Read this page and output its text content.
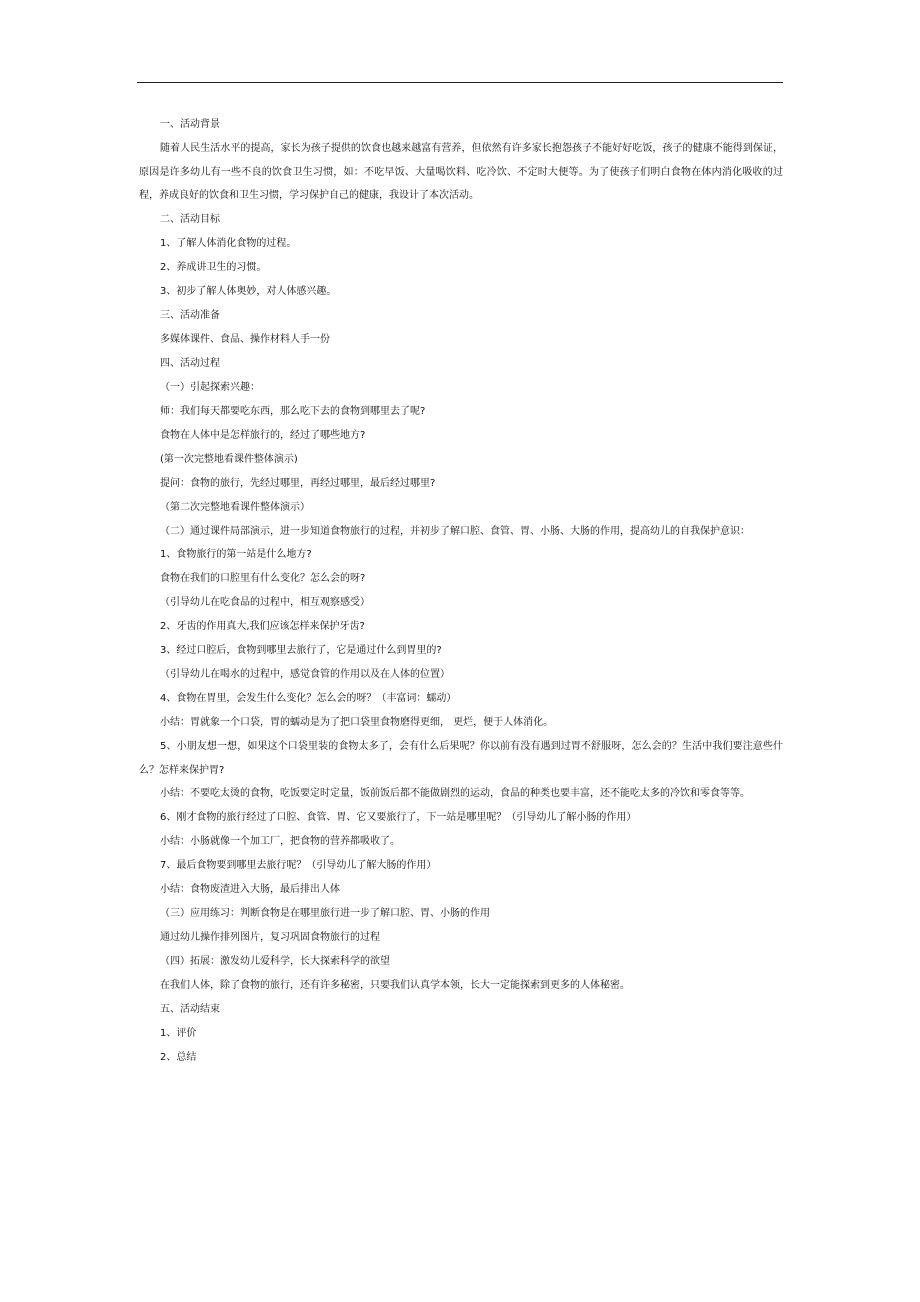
一、活动背景

随着人民生活水平的提高，家长为孩子提供的饮食也越来越富有营养，但依然有许多家长抱怨孩子不能好好吃饭，孩子的健康不能得到保证，原因是许多幼儿有一些不良的饮食卫生习惯，如：不吃早饭、大量喝饮料、吃冷饮、不定时大便等。为了使孩子们明白食物在体内消化吸收的过程，养成良好的饮食和卫生习惯，学习保护自己的健康，我设计了本次活动。

二、活动目标

1、了解人体消化食物的过程。

2、养成讲卫生的习惯。

3、初步了解人体奥妙，对人体感兴趣。

三、活动准备

多媒体课件、食品、操作材料人手一份

四、活动过程

（一）引起探索兴趣：

师：我们每天都要吃东西，那么吃下去的食物到哪里去了呢?

食物在人体中是怎样旅行的，经过了哪些地方?

(第一次完整地看课件整体演示)

提问：食物的旅行，先经过哪里，再经过哪里，最后经过哪里?

（第二次完整地看课件整体演示）

（二）通过课件局部演示，进一步知道食物旅行的过程，并初步了解口腔、食管、胃、小肠、大肠的作用，提高幼儿的自我保护意识：

1、食物旅行的第一站是什么地方?

食物在我们的口腔里有什么变化？怎么会的呀?

（引导幼儿在吃食品的过程中，相互观察感受）

2、牙齿的作用真大,我们应该怎样来保护牙齿?

3、经过口腔后，食物到哪里去旅行了，它是通过什么到胃里的?

（引导幼儿在喝水的过程中，感觉食管的作用以及在人体的位置）

4、食物在胃里，会发生什么变化？怎么会的呀？（丰富词：蠕动）

小结：胃就象一个口袋，胃的蠕动是为了把口袋里食物磨得更细， 更烂，便于人体消化。

5、小朋友想一想，如果这个口袋里装的食物太多了，会有什么后果呢？你以前有没有遇到过胃不舒服呀，怎么会的？生活中我们要注意些什么？怎样来保护胃?

小结：不要吃太烫的食物，吃饭要定时定量，饭前饭后都不能做剧烈的运动，食品的种类也要丰富，还不能吃太多的冷饮和零食等等。

6、刚才食物的旅行经过了口腔、食管、胃、它又要旅行了，下一站是哪里呢？（引导幼儿了解小肠的作用）

小结：小肠就像一个加工厂，把食物的营养都吸收了。

7、最后食物要到哪里去旅行呢？（引导幼儿了解大肠的作用）

小结：食物废渣进入大肠，最后排出人体

（三）应用练习：判断食物是在哪里旅行进一步了解口腔、胃、小肠的作用

通过幼儿操作排列图片，复习巩固食物旅行的过程

（四）拓展：激发幼儿爱科学，长大探索科学的欲望

在我们人体，除了食物的旅行，还有许多秘密，只要我们认真学本领，长大一定能探索到更多的人体秘密。

五、活动结束

1、评价

2、总结
